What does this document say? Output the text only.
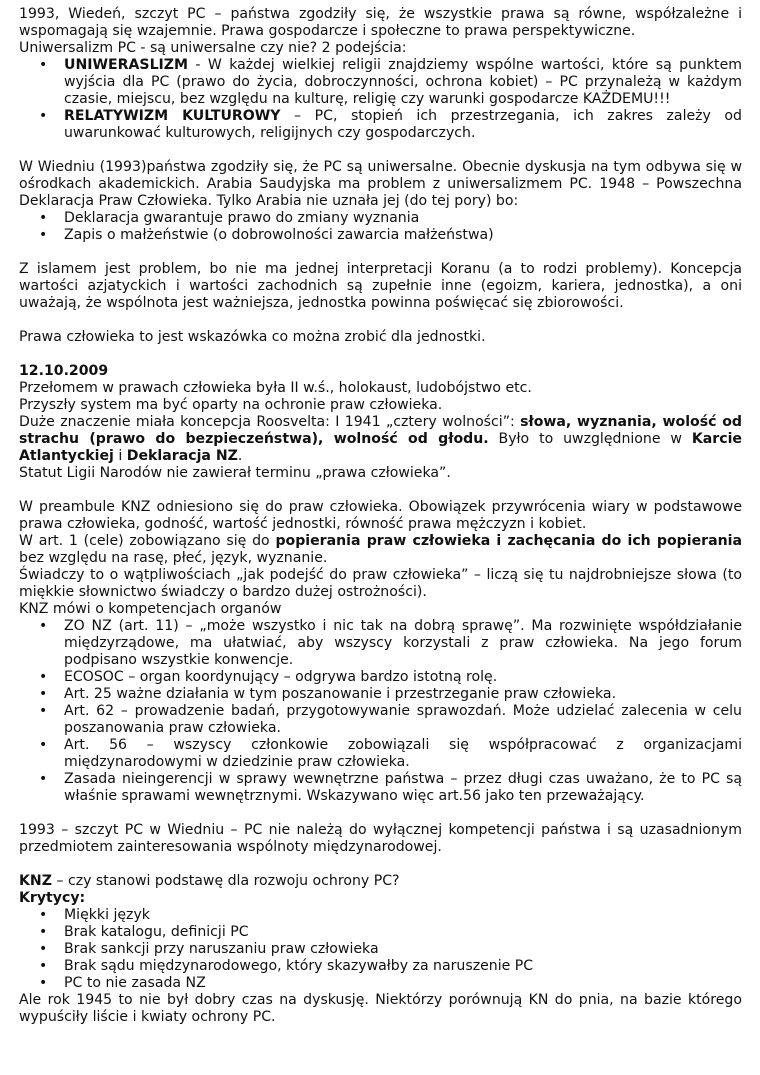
1993, Wiedeń, szczyt PC – państwa zgodziły się, że wszystkie prawa są równe, współzależne i wspomagają się wzajemnie. Prawa gospodarcze i społeczne to prawa perspektywiczne.

Uniwersalizm PC - są uniwersalne czy nie? 2 podejścia:

• UNIWERASLIZM - W każdej wielkiej religii znajdziemy wspólne wartości, które są punktem wyjścia dla PC (prawo do życia, dobroczynności, ochrona kobiet) – PC przynależą w każdym czasie, miejscu, bez względu na kulturę, religię czy warunki gospodarcze KAŻDEMU!!!
• RELATYWIZM KULTUROWY – PC, stopień ich przestrzegania, ich zakres zależy od uwarunkować kulturowych, religijnych czy gospodarczych.

W Wiedniu (1993)państwa zgodziły się, że PC są uniwersalne. Obecnie dyskusja na tym odbywa się w ośrodkach akademickich. Arabia Saudyjska ma problem z uniwersalizmem PC. 1948 – Powszechna Deklaracja Praw Człowieka. Tylko Arabia nie uznała jej (do tej pory) bo:

• Deklaracja gwarantuje prawo do zmiany wyznania
• Zapis o małżeństwie (o dobrowolności zawarcia małżeństwa)

Z islamem jest problem, bo nie ma jednej interpretacji Koranu (a to rodzi problemy). Koncepcja wartości azjatyckich i wartości zachodnich są zupełnie inne (egoizm, kariera, jednostka), a oni uważają, że wspólnota jest ważniejsza, jednostka powinna poświęcać się zbiorowości.

Prawa człowieka to jest wskazówka co można zrobić dla jednostki.

12.10.2009

Przełomem w prawach człowieka była II w.ś., holokaust, ludobójstwo etc.

Przyszły system ma być oparty na ochronie praw człowieka.

Duże znaczenie miała koncepcja Roosvelta: I 1941 „cztery wolności”: słowa, wyznania, wolość od strachu (prawo do bezpieczeństwa), wolność od głodu. Było to uwzględnione w Karcie Atlantyckiej i Deklaracja NZ.

Statut Ligii Narodów nie zawierał terminu „prawa człowieka”.

W preambule KNZ odniesiono się do praw człowieka. Obowiązek przywrócenia wiary w podstawowe prawa człowieka, godność, wartość jednostki, równość prawa mężczyzn i kobiet.

W art. 1 (cele) zobowiązano się do popierania praw człowieka i zachęcania do ich popierania bez względu na rasę, płeć, język, wyznanie.

Świadczy to o wątpliwościach „jak podejść do praw człowieka” – liczą się tu najdrobniejsze słowa (to miękkie słownictwo świadczy o bardzo dużej ostrożności).

KNZ mówi o kompetencjach organów

• ZO NZ (art. 11) – „może wszystko i nic tak na dobrą sprawę”. Ma rozwinięte współdziałanie międzyrządowe, ma ułatwiać, aby wszyscy korzystali z praw człowieka. Na jego forum podpisano wszystkie konwencje.
• ECOSOC – organ koordynujący – odgrywa bardzo istotną rolę.
• Art. 25 ważne działania w tym poszanowanie i przestrzeganie praw człowieka.
• Art. 62 – prowadzenie badań, przygotowywanie sprawozdań. Może udzielać zalecenia w celu poszanowania praw człowieka.
• Art. 56 – wszyscy członkowie zobowiązali się współpracować z organizacjami międzynarodowymi w dziedzinie praw człowieka.
• Zasada nieingerencji w sprawy wewnętrzne państwa – przez długi czas uważano, że to PC są właśnie sprawami wewnętrznymi. Wskazywano więc art.56 jako ten przeważający.

1993 – szczyt PC w Wiedniu – PC nie należą do wyłącznej kompetencji państwa i są uzasadnionym przedmiotem zainteresowania wspólnoty międzynarodowej.

KNZ – czy stanowi podstawę dla rozwoju ochrony PC?

Krytycy:

• Miękki język
• Brak katalogu, definicji PC
• Brak sankcji przy naruszaniu praw człowieka
• Brak sądu międzynarodowego, który skazywałby za naruszenie PC
• PC to nie zasada NZ

Ale rok 1945 to nie był dobry czas na dyskusję. Niektórzy porównują KN do pnia, na bazie którego wypuściły liście i kwiaty ochrony PC.
